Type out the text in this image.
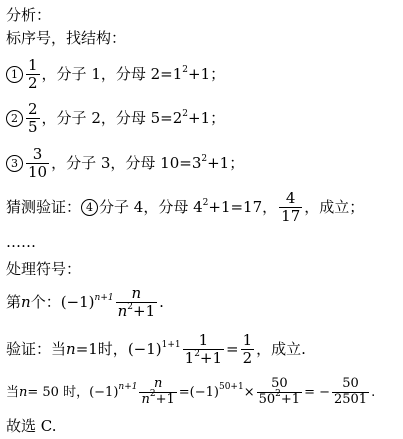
分析：
标序号，找结构：
$1 \frac{1}{2}$ ，分子 1，分母 $2=1^2+1$；
$2 \frac{2}{5}$ ，分子 2，分母 $5=2^2+1$；
$3 \frac{3}{10}$ ，分子 3，分母 $10=3^2+1$；
猜测验证： 4 分子 4，分母 $4^2+1=17$， $\frac{4}{17}$ ，成立；
……
处理符号：
第n个：$(-1)^{n+1} \frac{n}{n^2+1}$ .
验证：当n=1时，$(-1)^{1+1} \frac{1}{1^2+1} = \frac{1}{2}$ ，成立.
当n= 50 时，$(-1)^{n+1} \frac{n}{n^2+1} =(-1)^{50+1}\times \frac{50}{50^2+1}$ = − $\frac{50}{2501}$ .
故选 C.
